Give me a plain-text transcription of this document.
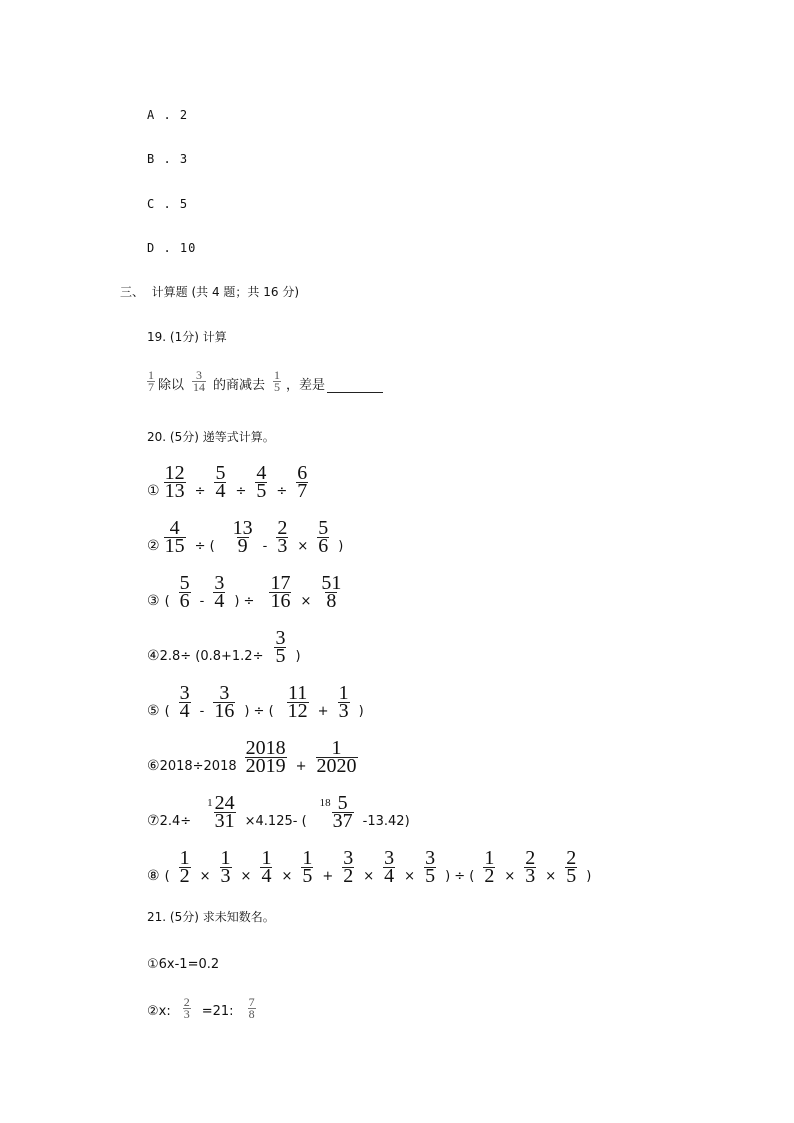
A . 2
B . 3
C . 5
D . 10
三、 计算题 (共 4 题；共 16 分)
19. (1分) 计算
$\frac{1}{7}$ 除以 $\frac{3}{14}$ 的商减去 $\frac{1}{5}$ ，差是
20. (5分) 递等式计算。
① $\frac{12}{13} \div \frac{5}{4} \div \frac{4}{5} \div \frac{6}{7}$
② $\frac{4}{15}$ ÷ ( $\frac{13}{9} - \frac{2}{3} \times \frac{5}{6}$ )
③ ( $\frac{5}{6} - \frac{3}{4}$ ) ÷ $\frac{17}{16} \times \frac{51}{8}$
④ $2.8\div (0.8+1.2\div \frac{3}{5}$ )
⑤ ( $\frac{3}{4} - \frac{3}{16}$ ) ÷ ( $\frac{11}{12} + \frac{1}{3}$ )
⑥ $2018\div 2018 \frac{2018}{2019} + \frac{1}{2020}$
⑦ 2.4÷
$1 \frac{24}{31} \times 4.125-$ (
$18 \frac{5}{37} -13.42$)
⑧ ( $\frac{1}{2} \times \frac{1}{3} \times \frac{1}{4} \times \frac{1}{5} + \frac{3}{2} \times \frac{3}{4} \times \frac{3}{5}$ ) ÷ ( $\frac{1}{2} \times \frac{2}{3} \times \frac{2}{5}$ )
21. (5分) 求未知数名。
①6x-1=0.2
②x: $\frac{2}{3} =21$: $\frac{7}{8}$
